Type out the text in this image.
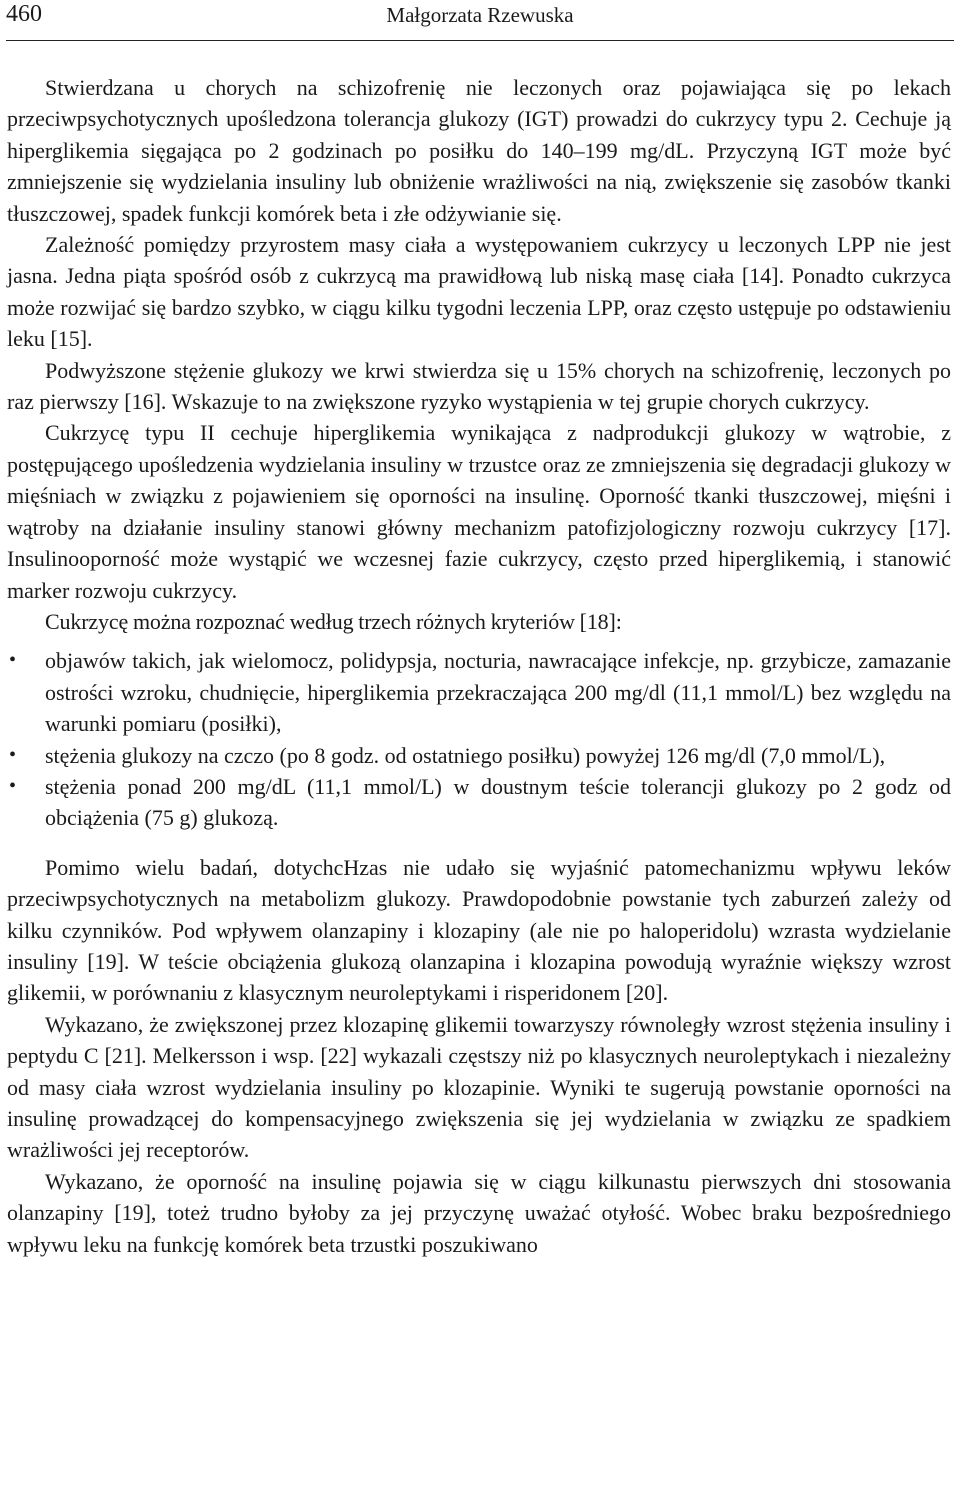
460	Małgorzata Rzewuska

Stwierdzana u chorych na schizofrenię nie leczonych oraz pojawiająca się po lekach przeciwpsychotycznych upośledzona tolerancja glukozy (IGT) prowadzi do cukrzycy typu 2. Cechuje ją hiperglikemia sięgająca po 2 godzinach po posiłku do 140–199 mg/dL. Przyczyną IGT może być zmniejszenie się wydzielania insuliny lub obniżenie wrażliwości na nią, zwiększenie się zasobów tkanki tłuszczowej, spadek funkcji komórek beta i złe odżywianie się.

Zależność pomiędzy przyrostem masy ciała a występowaniem cukrzycy u leczonych LPP nie jest jasna. Jedna piąta spośród osób z cukrzycą ma prawidłową lub niską masę ciała [14]. Ponadto cukrzyca może rozwijać się bardzo szybko, w ciągu kilku tygodni leczenia LPP, oraz często ustępuje po odstawieniu leku [15].

Podwyższone stężenie glukozy we krwi stwierdza się u 15% chorych na schizofrenię, leczonych po raz pierwszy [16]. Wskazuje to na zwiększone ryzyko wystąpienia w tej grupie chorych cukrzycy.

Cukrzycę typu II cechuje hiperglikemia wynikająca z nadprodukcji glukozy w wątrobie, z postępującego upośledzenia wydzielania insuliny w trzustce oraz ze zmniejszenia się degradacji glukozy w mięśniach w związku z pojawieniem się oporności na insulinę. Oporność tkanki tłuszczowej, mięśni i wątroby na działanie insuliny stanowi główny mechanizm patofizjologiczny rozwoju cukrzycy [17]. Insulinooporność może wystąpić we wczesnej fazie cukrzycy, często przed hiperglikemią, i stanowić marker rozwoju cukrzycy.

Cukrzycę można rozpoznać według trzech różnych kryteriów [18]:

• objawów takich, jak wielomocz, polidypsja, nocturia, nawracające infekcje, np. grzybicze, zamazanie ostrości wzroku, chudnięcie, hiperglikemia przekraczająca 200 mg/dl (11,1 mmol/L) bez względu na warunki pomiaru (posiłki),
• stężenia glukozy na czczo (po 8 godz. od ostatniego posiłku) powyżej 126 mg/dl (7,0 mmol/L),
• stężenia ponad 200 mg/dL (11,1 mmol/L) w doustnym teście tolerancji glukozy po 2 godz od obciążenia (75 g) glukozą.

Pomimo wielu badań, dotychcHzas nie udało się wyjaśnić patomechanizmu wpływu leków przeciwpsychotycznych na metabolizm glukozy. Prawdopodobnie powstanie tych zaburzeń zależy od kilku czynników. Pod wpływem olanzapiny i klozapiny (ale nie po haloperidolu) wzrasta wydzielanie insuliny [19]. W teście obciążenia glukozą olanzapina i klozapina powodują wyraźnie większy wzrost glikemii, w porównaniu z klasycznym neuroleptykami i risperidonem [20].

Wykazano, że zwiększonej przez klozapinę glikemii towarzyszy równoległy wzrost stężenia insuliny i peptydu C [21]. Melkersson i wsp. [22] wykazali częstszy niż po klasycznych neuroleptykach i niezależny od masy ciała wzrost wydzielania insuliny po klozapinie. Wyniki te sugerują powstanie oporności na insulinę prowadzącej do kompensacyjnego zwiększenia się jej wydzielania w związku ze spadkiem wrażliwości jej receptorów.

Wykazano, że oporność na insulinę pojawia się w ciągu kilkunastu pierwszych dni stosowania olanzapiny [19], toteż trudno byłoby za jej przyczynę uważać otyłość. Wobec braku bezpośredniego wpływu leku na funkcję komórek beta trzustki poszukiwano
